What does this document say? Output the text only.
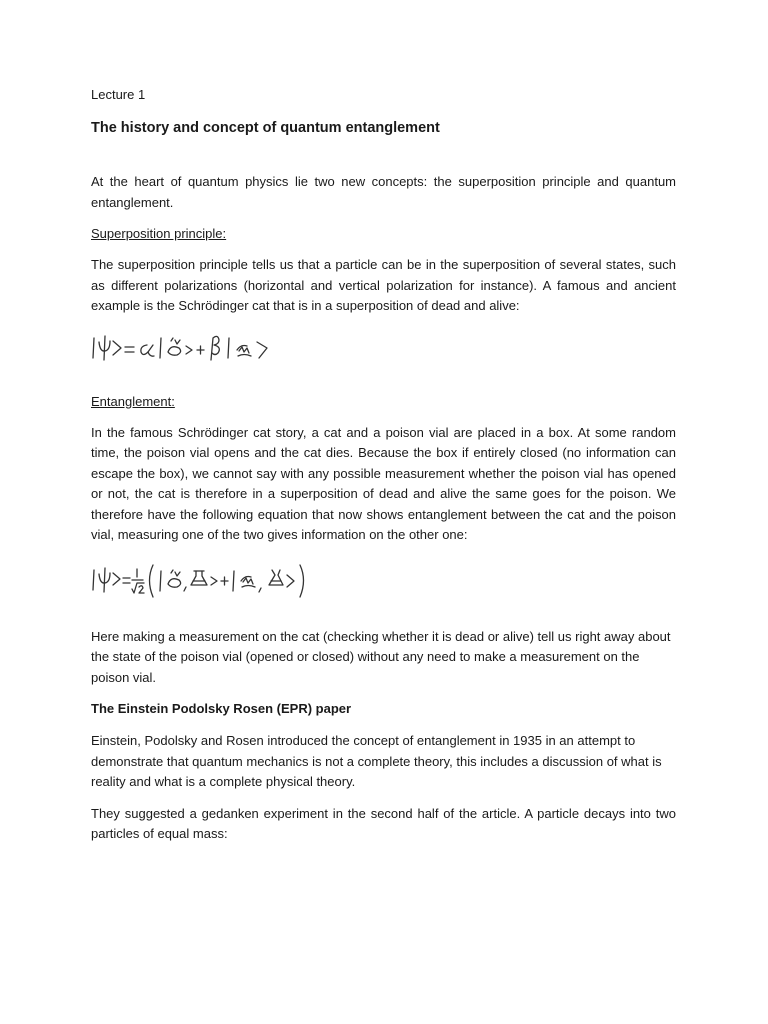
Lecture 1
The history and concept of quantum entanglement

At the heart of quantum physics lie two new concepts: the superposition principle and quantum entanglement.

Superposition principle:

The superposition principle tells us that a particle can be in the superposition of several states, such as different polarizations (horizontal and vertical polarization for instance). A famous and ancient example is the Schrödinger cat that is in a superposition of dead and alive:

Entanglement:

In the famous Schrödinger cat story, a cat and a poison vial are placed in a box. At some random time, the poison vial opens and the cat dies. Because the box if entirely closed (no information can escape the box), we cannot say with any possible measurement whether the poison vial has opened or not, the cat is therefore in a superposition of dead and alive the same goes for the poison. We therefore have the following equation that now shows entanglement between the cat and the poison vial, measuring one of the two gives information on the other one:

Here making a measurement on the cat (checking whether it is dead or alive) tell us right away about the state of the poison vial (opened or closed) without any need to make a measurement on the poison vial.

The Einstein Podolsky Rosen (EPR) paper

Einstein, Podolsky and Rosen introduced the concept of entanglement in 1935 in an attempt to demonstrate that quantum mechanics is not a complete theory, this includes a discussion of what is reality and what is a complete physical theory.

They suggested a gedanken experiment in the second half of the article. A particle decays into two particles of equal mass:
